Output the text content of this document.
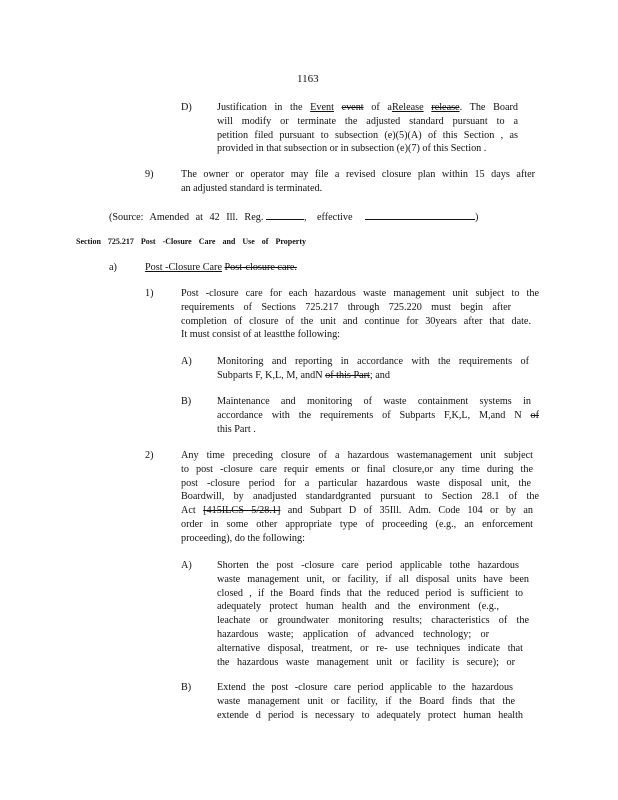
1163
D) Justification in the Event event of aRelease release. The Board
will modify or terminate the adjusted standard pursuant to a
petition filed pursuant to subsection (e)(5)(A) of this Section , as
provided in that subsection or in subsection (e)(7) of this Section .
9)	The owner or operator may file a revised closure plan within 15 days after
an adjusted standard is terminated.
(Source: Amended at 42 Ill. Reg.	, effective	)
Section 725.217 Post -Closure Care and Use of Property
a)	Post -Closure Care Post-closure care.
1)	Post -closure care for each hazardous waste management unit subject to the
requirements of Sections 725.217 through 725.220 must begin after
completion of closure of the unit and continue for 30years after that date.
It must consist of at leastthe following:
A) Monitoring and reporting in accordance with the requirements of
Subparts F, K,L, M, andN of this Part; and
B)	Maintenance and monitoring of waste containment systems in
accordance with the requirements of Subparts F,K,L, M,and N of
this Part .
2)	Any time preceding closure of a hazardous wastemanagement unit subject
to post -closure care requir ements or final closure,or any time during the
post -closure period for a particular hazardous waste disposal unit, the
Boardwill, by anadjusted standardgranted pursuant to Section 28.1 of the
Act [415ILCS 5/28.1] and Subpart D of 35Ill. Adm. Code 104 or by an
order in some other appropriate type of proceeding (e.g., an enforcement
proceeding), do the following:
A) Shorten the post -closure care period applicable tothe hazardous
waste management unit, or facility, if all disposal units have been
closed , if the Board finds that the reduced period is sufficient to
adequately protect human health and the environment (e.g.,
leachate or groundwater monitoring results; characteristics of the
hazardous waste; application of advanced technology; or
alternative disposal, treatment, or re- use techniques indicate that
the hazardous waste management unit or facility is secure); or
B)	Extend the post -closure care period applicable to the hazardous
waste management unit or facility, if the Board finds that the
extende d period is necessary to adequately protect human health
